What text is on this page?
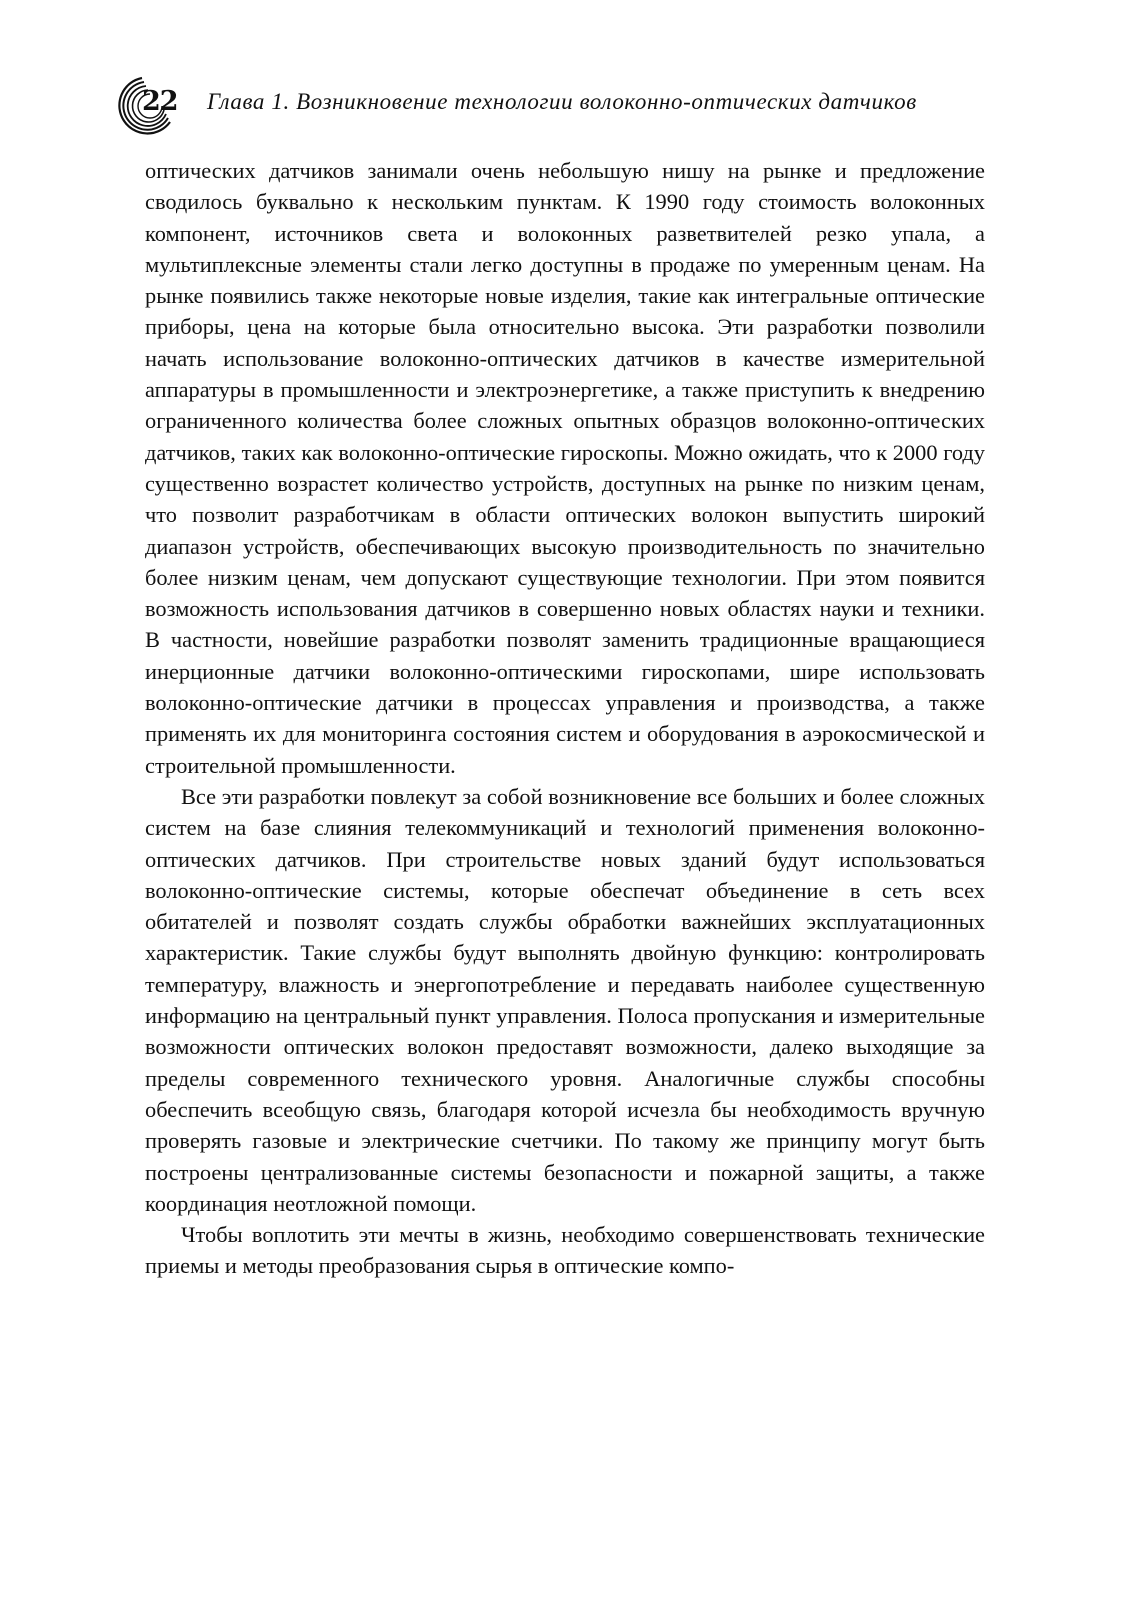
22 Глава 1. Возникновение технологии волоконно-оптических датчиков

оптических датчиков занимали очень небольшую нишу на рынке и предложение сводилось буквально к нескольким пунктам. К 1990 году стоимость волоконных компонент, источников света и волоконных разветвителей резко упала, а мультиплексные элементы стали легко доступны в продаже по умеренным ценам. На рынке появились также некоторые новые изделия, такие как интегральные оптические приборы, цена на которые была относительно высока. Эти разработки позволили начать использование волоконно-оптических датчиков в качестве измерительной аппаратуры в промышленности и электроэнергетике, а также приступить к внедрению ограниченного количества более сложных опытных образцов волоконно-оптических датчиков, таких как волоконно-оптические гироскопы. Можно ожидать, что к 2000 году существенно возрастет количество устройств, доступных на рынке по низким ценам, что позволит разработчикам в области оптических волокон выпустить широкий диапазон устройств, обеспечивающих высокую производительность по значительно более низким ценам, чем допускают существующие технологии. При этом появится возможность использования датчиков в совершенно новых областях науки и техники. В частности, новейшие разработки позволят заменить традиционные вращающиеся инерционные датчики волоконно-оптическими гироскопами, шире использовать волоконно-оптические датчики в процессах управления и производства, а также применять их для мониторинга состояния систем и оборудования в аэрокосмической и строительной промышленности.

Все эти разработки повлекут за собой возникновение все больших и более сложных систем на базе слияния телекоммуникаций и технологий применения волоконно-оптических датчиков. При строительстве новых зданий будут использоваться волоконно-оптические системы, которые обеспечат объединение в сеть всех обитателей и позволят создать службы обработки важнейших эксплуатационных характеристик. Такие службы будут выполнять двойную функцию: контролировать температуру, влажность и энергопотребление и передавать наиболее существенную информацию на центральный пункт управления. Полоса пропускания и измерительные возможности оптических волокон предоставят возможности, далеко выходящие за пределы современного технического уровня. Аналогичные службы способны обеспечить всеобщую связь, благодаря которой исчезла бы необходимость вручную проверять газовые и электрические счетчики. По такому же принципу могут быть построены централизованные системы безопасности и пожарной защиты, а также координация неотложной помощи.

Чтобы воплотить эти мечты в жизнь, необходимо совершенствовать технические приемы и методы преобразования сырья в оптические компо-
